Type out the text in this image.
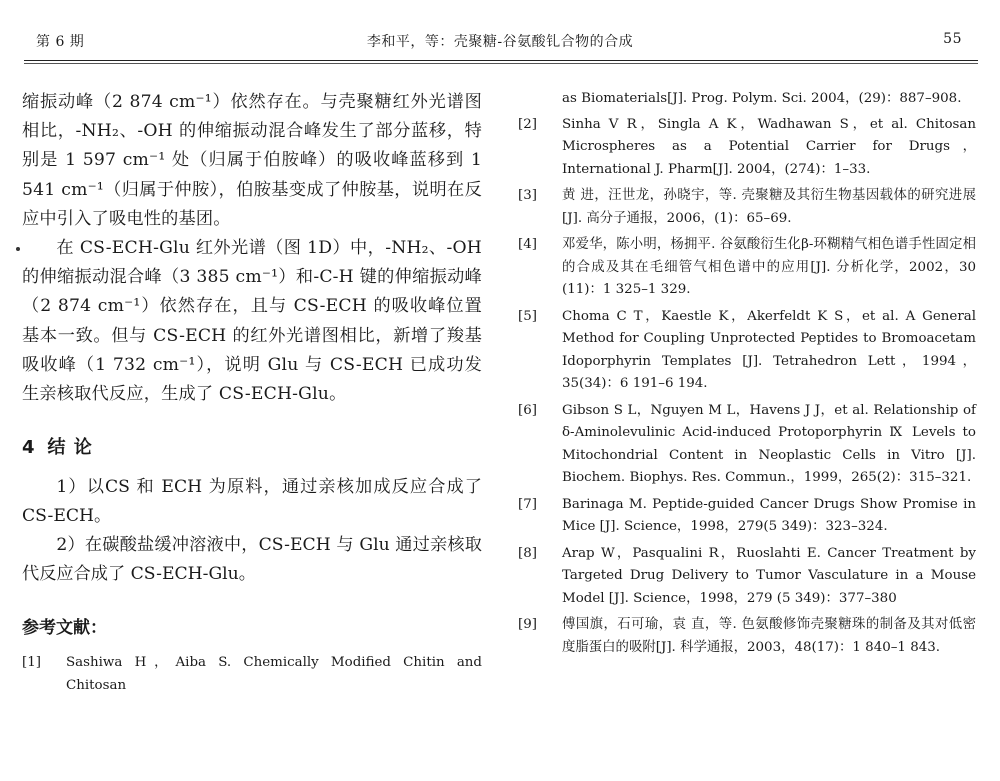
第 6 期	李和平，等：壳聚糖-谷氨酸钆合物的合成	55

缩振动峰（2 874 cm⁻¹）依然存在。与壳聚糖红外光谱图相比，-NH₂、-OH 的伸缩振动混合峰发生了部分蓝移，特别是 1 597 cm⁻¹ 处（归属于伯胺峰）的吸收峰蓝移到 1 541 cm⁻¹（归属于仲胺），伯胺基变成了仲胺基，说明在反应中引入了吸电性的基团。

在 CS-ECH-Glu 红外光谱（图 1D）中，-NH₂、-OH 的伸缩振动混合峰（3 385 cm⁻¹）和-C-H 键的伸缩振动峰（2 874 cm⁻¹）依然存在，且与 CS-ECH 的吸收峰位置基本一致。但与 CS-ECH 的红外光谱图相比，新增了羧基吸收峰（1 732 cm⁻¹），说明 Glu 与 CS-ECH 已成功发生亲核取代反应，生成了 CS-ECH-Glu。

4 结 论

1）以CS 和 ECH 为原料，通过亲核加成反应合成了 CS-ECH。

2）在碳酸盐缓冲溶液中，CS-ECH 与 Glu 通过亲核取代反应合成了 CS-ECH-Glu。

参考文献：
[1]	Sashiwa H，Aiba S. Chemically Modified Chitin and Chitosan
as Biomaterials[J]. Prog. Polym. Sci. 2004，(29)：887–908.
[2]	Sinha V R，Singla A K，Wadhawan S，et al. Chitosan Microspheres as a Potential Carrier for Drugs，International J. Pharm[J]. 2004，(274)：1–33.
[3]	黄 进，汪世龙，孙晓宇，等. 壳聚糖及其衍生物基因载体的研究进展[J]. 高分子通报，2006，(1)：65–69.
[4]	邓爱华，陈小明，杨拥平. 谷氨酸衍生化β-环糊精气相色谱手性固定相的合成及其在毛细管气相色谱中的应用[J]. 分析化学，2002，30 (11)：1 325–1 329.
[5]	Choma C T，Kaestle K，Akerfeldt K S，et al. A General Method for Coupling Unprotected Peptides to Bromoacetam Idoporphyrin Templates [J]. Tetrahedron Lett，1994，35(34)：6 191–6 194.
[6]	Gibson S L，Nguyen M L，Havens J J，et al. Relationship of δ-Aminolevulinic Acid-induced Protoporphyrin Ⅸ Levels to Mitochondrial Content in Neoplastic Cells in Vitro [J]. Biochem. Biophys. Res. Commun.，1999，265(2)：315–321.
[7]	Barinaga M. Peptide-guided Cancer Drugs Show Promise in Mice [J]. Science，1998，279(5 349)：323–324.
[8]	Arap W，Pasqualini R，Ruoslahti E. Cancer Treatment by Targeted Drug Delivery to Tumor Vasculature in a Mouse Model [J]. Science，1998，279 (5 349)：377–380
[9]	傅国旗，石可瑜，袁 直，等. 色氨酸修饰壳聚糖珠的制备及其对低密度脂蛋白的吸附[J]. 科学通报，2003，48(17)：1 840–1 843.
